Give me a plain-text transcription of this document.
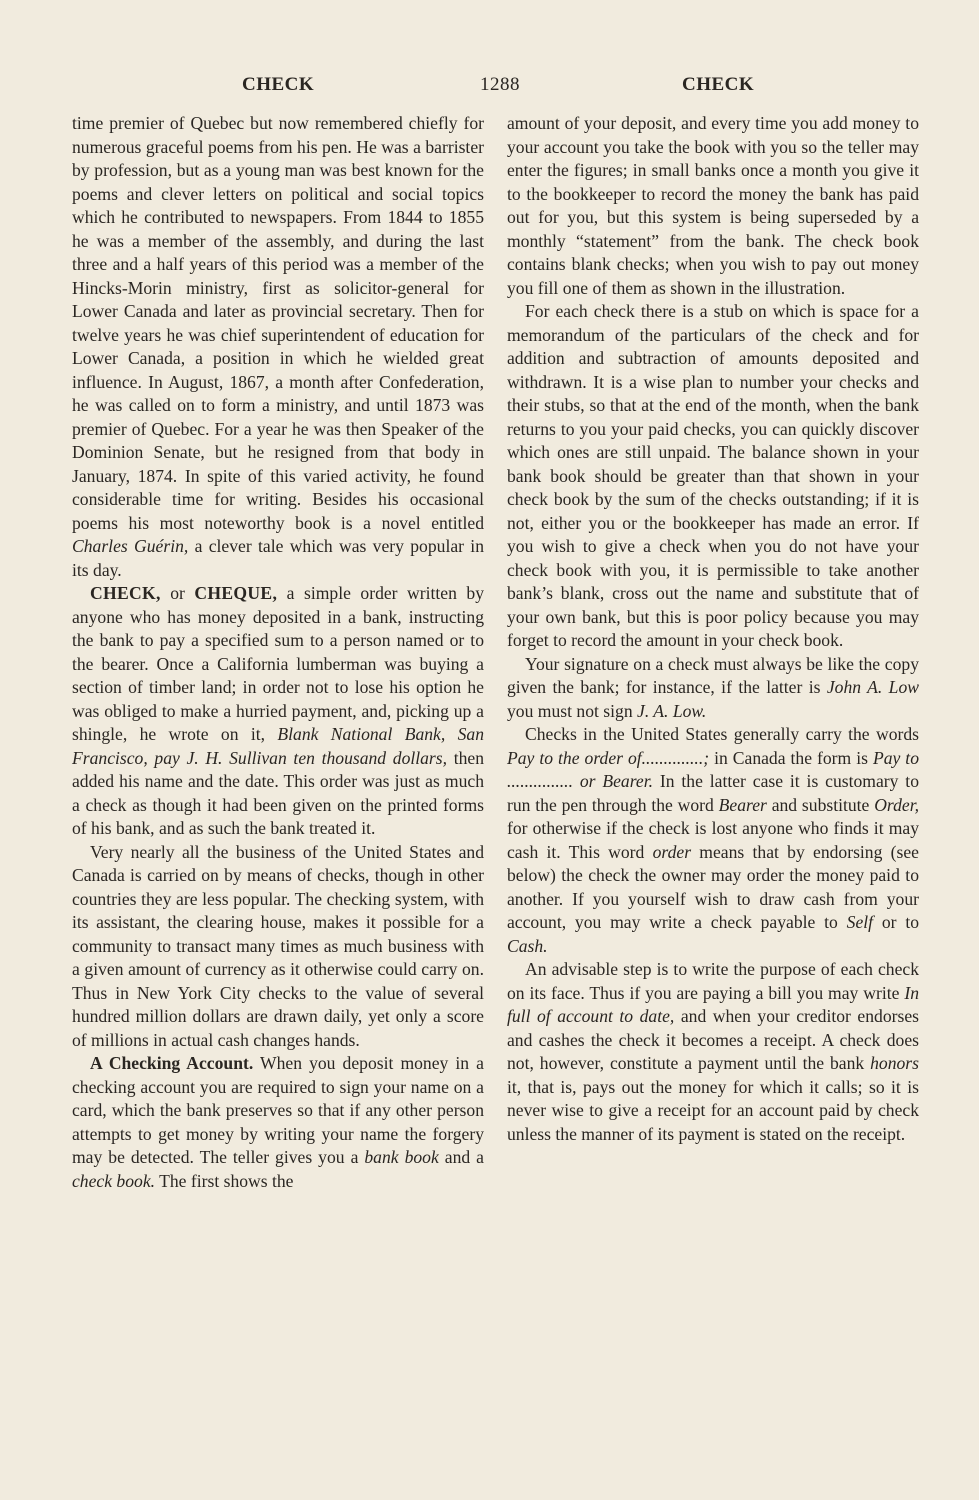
CHECK	1288	CHECK

time premier of Quebec but now remembered chiefly for numerous graceful poems from his pen. He was a barrister by profession, but as a young man was best known for the poems and clever letters on political and social topics which he contributed to newspapers. From 1844 to 1855 he was a member of the assembly, and during the last three and a half years of this period was a member of the Hincks-Morin ministry, first as solicitor-general for Lower Canada and later as provincial secretary. Then for twelve years he was chief superintendent of education for Lower Canada, a position in which he wielded great influence. In August, 1867, a month after Confederation, he was called on to form a ministry, and until 1873 was premier of Quebec. For a year he was then Speaker of the Dominion Senate, but he resigned from that body in January, 1874. In spite of this varied activity, he found considerable time for writing. Besides his occasional poems his most noteworthy book is a novel entitled Charles Guérin, a clever tale which was very popular in its day.

CHECK, or CHEQUE, a simple order written by anyone who has money deposited in a bank, instructing the bank to pay a specified sum to a person named or to the bearer. Once a California lumberman was buying a section of timber land; in order not to lose his option he was obliged to make a hurried payment, and, picking up a shingle, he wrote on it, Blank National Bank, San Francisco, pay J. H. Sullivan ten thousand dollars, then added his name and the date. This order was just as much a check as though it had been given on the printed forms of his bank, and as such the bank treated it.

Very nearly all the business of the United States and Canada is carried on by means of checks, though in other countries they are less popular. The checking system, with its assistant, the clearing house, makes it possible for a community to transact many times as much business with a given amount of currency as it otherwise could carry on. Thus in New York City checks to the value of several hundred million dollars are drawn daily, yet only a score of millions in actual cash changes hands.

A Checking Account. When you deposit money in a checking account you are required to sign your name on a card, which the bank preserves so that if any other person attempts to get money by writing your name the forgery may be detected. The teller gives you a bank book and a check book. The first shows the

amount of your deposit, and every time you add money to your account you take the book with you so the teller may enter the figures; in small banks once a month you give it to the bookkeeper to record the money the bank has paid out for you, but this system is being superseded by a monthly “statement” from the bank. The check book contains blank checks; when you wish to pay out money you fill one of them as shown in the illustration.

For each check there is a stub on which is space for a memorandum of the particulars of the check and for addition and subtraction of amounts deposited and withdrawn. It is a wise plan to number your checks and their stubs, so that at the end of the month, when the bank returns to you your paid checks, you can quickly discover which ones are still unpaid. The balance shown in your bank book should be greater than that shown in your check book by the sum of the checks outstanding; if it is not, either you or the bookkeeper has made an error. If you wish to give a check when you do not have your check book with you, it is permissible to take another bank’s blank, cross out the name and substitute that of your own bank, but this is poor policy because you may forget to record the amount in your check book.

Your signature on a check must always be like the copy given the bank; for instance, if the latter is John A. Low you must not sign J. A. Low.

Checks in the United States generally carry the words Pay to the order of..............; in Canada the form is Pay to ............... or Bearer. In the latter case it is customary to run the pen through the word Bearer and substitute Order, for otherwise if the check is lost anyone who finds it may cash it. This word order means that by endorsing (see below) the check the owner may order the money paid to another. If you yourself wish to draw cash from your account, you may write a check payable to Self or to Cash.

An advisable step is to write the purpose of each check on its face. Thus if you are paying a bill you may write In full of account to date, and when your creditor endorses and cashes the check it becomes a receipt. A check does not, however, constitute a payment until the bank honors it, that is, pays out the money for which it calls; so it is never wise to give a receipt for an account paid by check unless the manner of its payment is stated on the receipt.
